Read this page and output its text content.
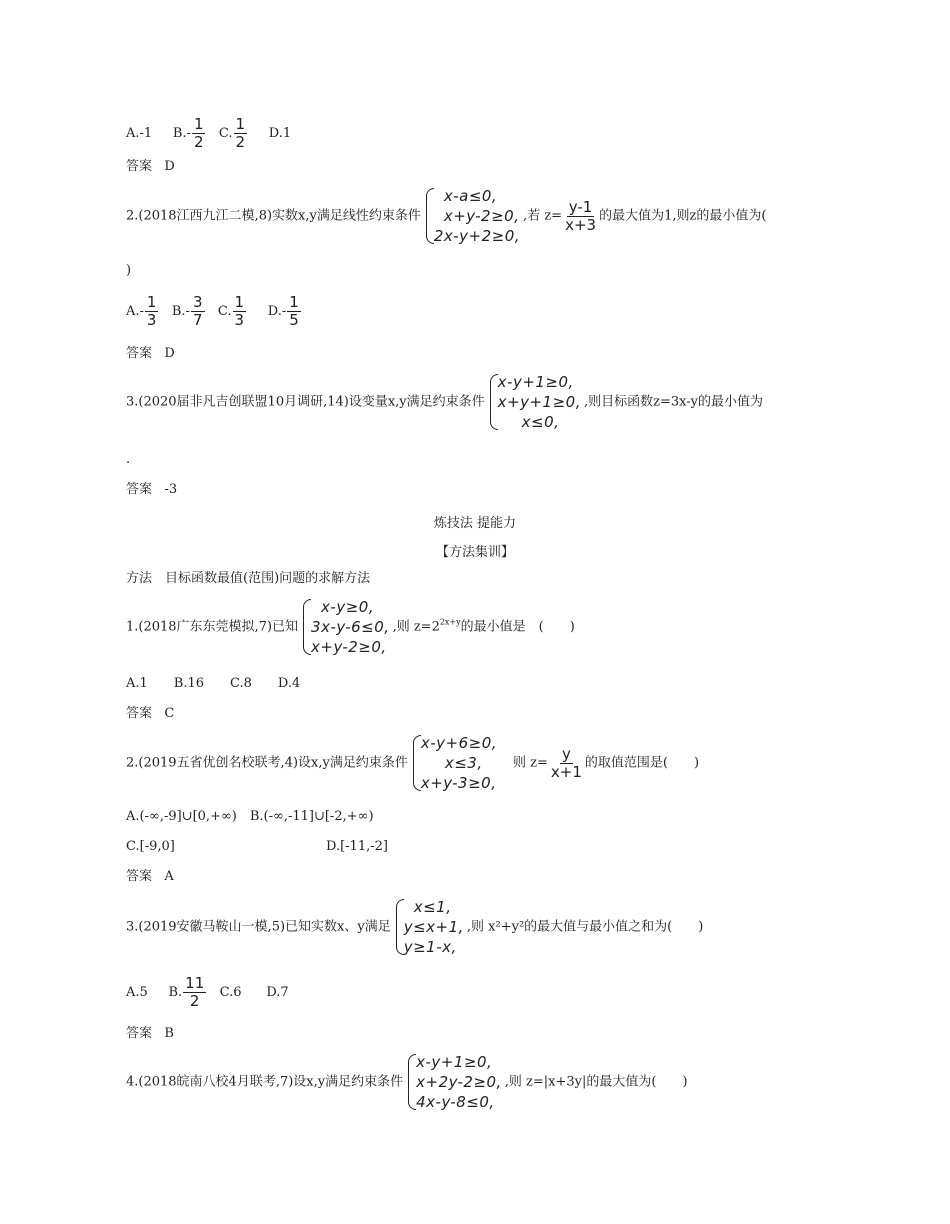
A.-1 $B.- \frac{1}{2} C$. $\frac{1}{2} D.1$
答案 D
2.(2018江西九江二模,8)实数x,y满足线性约束条件
x-a≤0,
x+y-2≥0,
2x-y+2≥0,
,若 $z= \frac{y-1}{x+3}$ 的最大值为1,则z的最小值为(
)
$A.- \frac{1}{3} B.- \frac{3}{7} C$. $\frac{1}{3} D.- \frac{1}{5}$
答案 D
3.(2020届非凡吉创联盟10月调研,14)设变量x,y满足约束条件
x-y+1≥0,
x+y+1≥0,
x≤0,
,则目标函数z=3x-y的最小值为
.
答案 -3
炼技法 提能力
【方法集训】
方法　目标函数最值(范围)问题的求解方法
1.(2018广东东莞模拟,7)已知
x-y≥0,
3x-y-6≤0,
x+y-2≥0,
,则 $z=2^{2x+y}$的最小值是　(　　)
A.1　　B.16　　C.8　　D.4
答案 C
2.(2019五省优创名校联考,4)设x,y满足约束条件
x-y+6≥0,
x≤3,
x+y-3≥0,
　则 $z= \frac{y}{x+1}$ 的取值范围是(　　)
A.(-∞,-9]∪[0,+∞)　B.(-∞,-11]∪[-2,+∞)
C.[-9,0]	D.[-11,-2]
答案 A
3.(2019安徽马鞍山一模,5)已知实数x、y满足
x≤1,
y≤x+1,
y≥1-x,
,则 x²+y²的最大值与最小值之和为(　　)
A.5 B. $\frac{11}{2} C.6$ D.7
答案 B
4.(2018皖南八校4月联考,7)设x,y满足约束条件
x-y+1≥0,
x+2y-2≥0,
4x-y-8≤0,
,则 z=|x+3y|的最大值为(　　)
